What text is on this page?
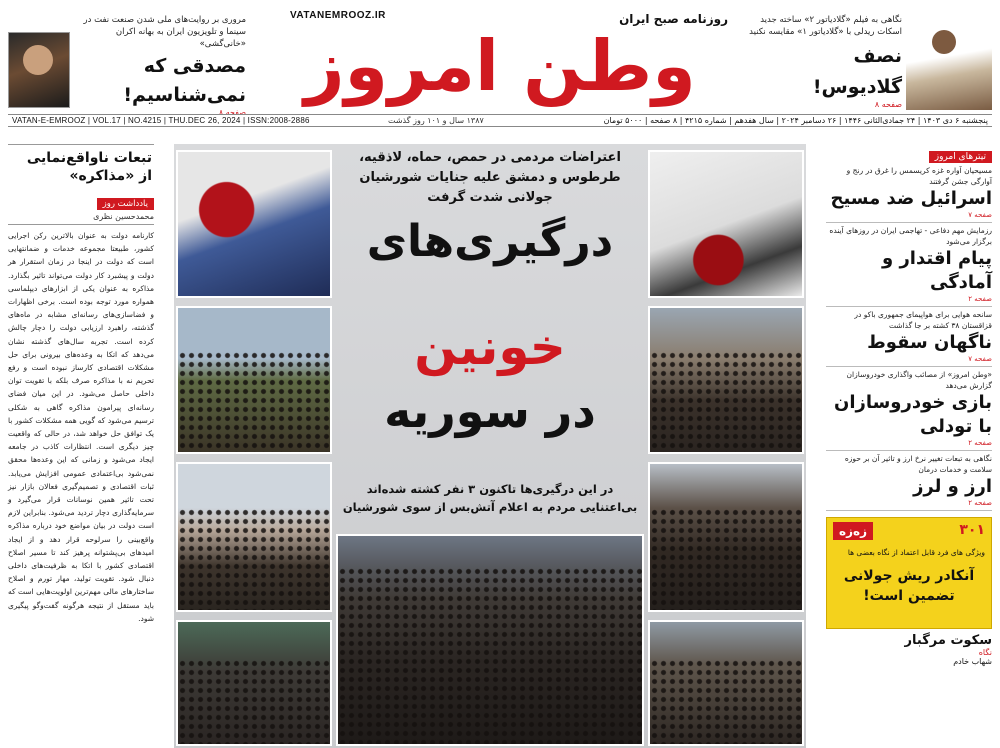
مروری بر روایت‌های ملی شدن صنعت نفت در سینما و تلویزیون ایران به بهانه اکران «خانی‌گشی»
مصدقی که
نمی‌شناسیم!
صفحه ۸
VATANEMROOZ.IR	روزنامه صبح ایران
وطن امروز
نگاهی به فیلم «گلادیاتور ۲» ساخته جدید اسکات ریدلی با «گلادیاتور ۱» مقایسه نکنید
نصف
گلادیوس!
صفحه ۸
VATAN-E-EMROOZ | VOL.17 | NO.4215 | THU.DEC 26, 2024 | ISSN:2008-2886	۱۳۸۷ سال و ۱۰۱ روز گذشت	پنجشنبه ۶ دی ۱۴۰۳ | ۲۴ جمادی‌الثانی ۱۴۴۶ | ۲۶ دسامبر ۲۰۲۴ | سال هفدهم | شماره ۴۲۱۵ | ۸ صفحه | ۵۰۰۰ تومان
تبعات ناواقع‌نمایی از «مذاکره»
یادداشت روز
محمدحسین نظری
کارنامه دولت به عنوان بالاترین رکن اجرایی کشور، طبیعتا مجموعه خدمات و ضمانتهایی است که دولت در اینجا در زمان استقرار هر دولت و پیشبرد کار دولت می‌تواند تاثیر بگذارد. مذاکره به عنوان یکی از ابزارهای دیپلماسی همواره مورد توجه بوده است. برخی اظهارات و فضاسازی‌های رسانه‌ای مشابه در ماه‌های گذشته، راهبرد ارزیابی دولت را دچار چالش کرده است. تجربه سال‌های گذشته نشان می‌دهد که اتکا به وعده‌های بیرونی برای حل مشکلات اقتصادی کارساز نبوده است و رفع تحریم نه با مذاکره صرف بلکه با تقویت توان داخلی حاصل می‌شود. در این میان فضای رسانه‌ای پیرامون مذاکره گاهی به شکلی ترسیم می‌شود که گویی همه مشکلات کشور با یک توافق حل خواهد شد، در حالی که واقعیت چیز دیگری است. انتظارات کاذب در جامعه ایجاد می‌شود و زمانی که این وعده‌ها محقق نمی‌شود بی‌اعتمادی عمومی افزایش می‌یابد. ثبات اقتصادی و تصمیم‌گیری فعالان بازار نیز تحت تاثیر همین نوسانات قرار می‌گیرد و سرمایه‌گذاری دچار تردید می‌شود. بنابراین لازم است دولت در بیان مواضع خود درباره مذاکره واقع‌بینی را سرلوحه قرار دهد و از ایجاد امیدهای بی‌پشتوانه پرهیز کند تا مسیر اصلاح اقتصادی کشور با اتکا به ظرفیت‌های داخلی دنبال شود. تقویت تولید، مهار تورم و اصلاح ساختارهای مالی مهم‌ترین اولویت‌هایی است که باید مستقل از نتیجه هرگونه گفت‌وگو پیگیری شود.
اعتراضات مردمی در حمص، حماه، لاذقیه، طرطوس و دمشق علیه جنایات شورشیان جولانی شدت گرفت
درگیری‌های
خونین
در سوریه
در این درگیری‌ها تاکنون ۳ نفر کشته شده‌اند بی‌اعتنایی مردم به اعلام آتش‌بس از سوی شورشیان
تیترهای امروز
مسیحیان آواره غزه کریسمس را غرق در رنج و آوارگی جشن گرفتند
اسرائیل ضد مسیح
صفحه ۷
رزمایش مهم دفاعی - تهاجمی ایران در روزهای آینده برگزار می‌شود
پیام اقتدار و آمادگی
صفحه ۲
سانحه هوایی برای هواپیمای جمهوری باکو در قزاقستان ۳۸ کشته بر جا گذاشت
ناگهان سقوط
صفحه ۷
«وطن امروز» از مصائب واگذاری خودروسازان گزارش می‌دهد
بازی خودروسازان با تودلی
صفحه ۲
نگاهی به تبعات تغییر نرخ ارز و تاثیر آن بر حوزه سلامت و خدمات درمان
ارز و لرز
صفحه ۲
زه‌زه	۳۰۱
ویژگی های فرد قابل اعتماد از نگاه بعضی ها
آنکادر ریش جولانی تضمین است!
سکوت مرگبار
نگاه
شهاب خادم
